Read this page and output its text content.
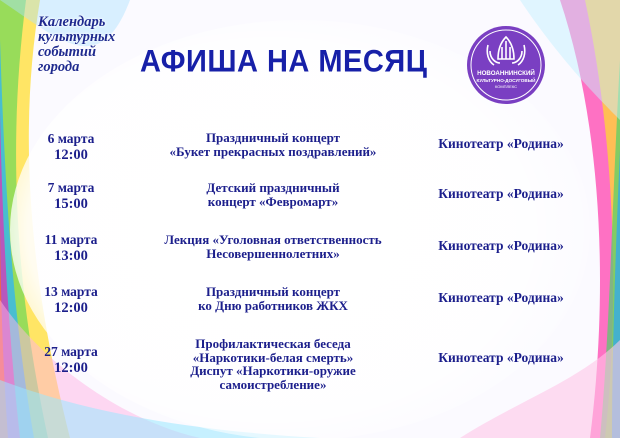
Календарь
культурных
событий
города	АФИША НА МЕСЯЦ	НОВОАННИНСКИЙ
КУЛЬТУРНО-ДОСУГОВЫЙ
КОМПЛЕКС
6 марта
12:00
Праздничный концерт
«Букет прекрасных поздравлений»	Кинотеатр «Родина»
7 марта
15:00
Детский праздничный
концерт «Февромарт»	Кинотеатр «Родина»
11 марта
13:00
Лекция «Уголовная ответственность
Несовершеннолетних»	Кинотеатр «Родина»
13 марта
12:00
Праздничный концерт
ко Дню работников ЖКХ	Кинотеатр «Родина»
27 марта
12:00
Профилактическая беседа
«Наркотики-белая смерть»
Диспут «Наркотики-оружие
самоистребление»
Кинотеатр «Родина»
